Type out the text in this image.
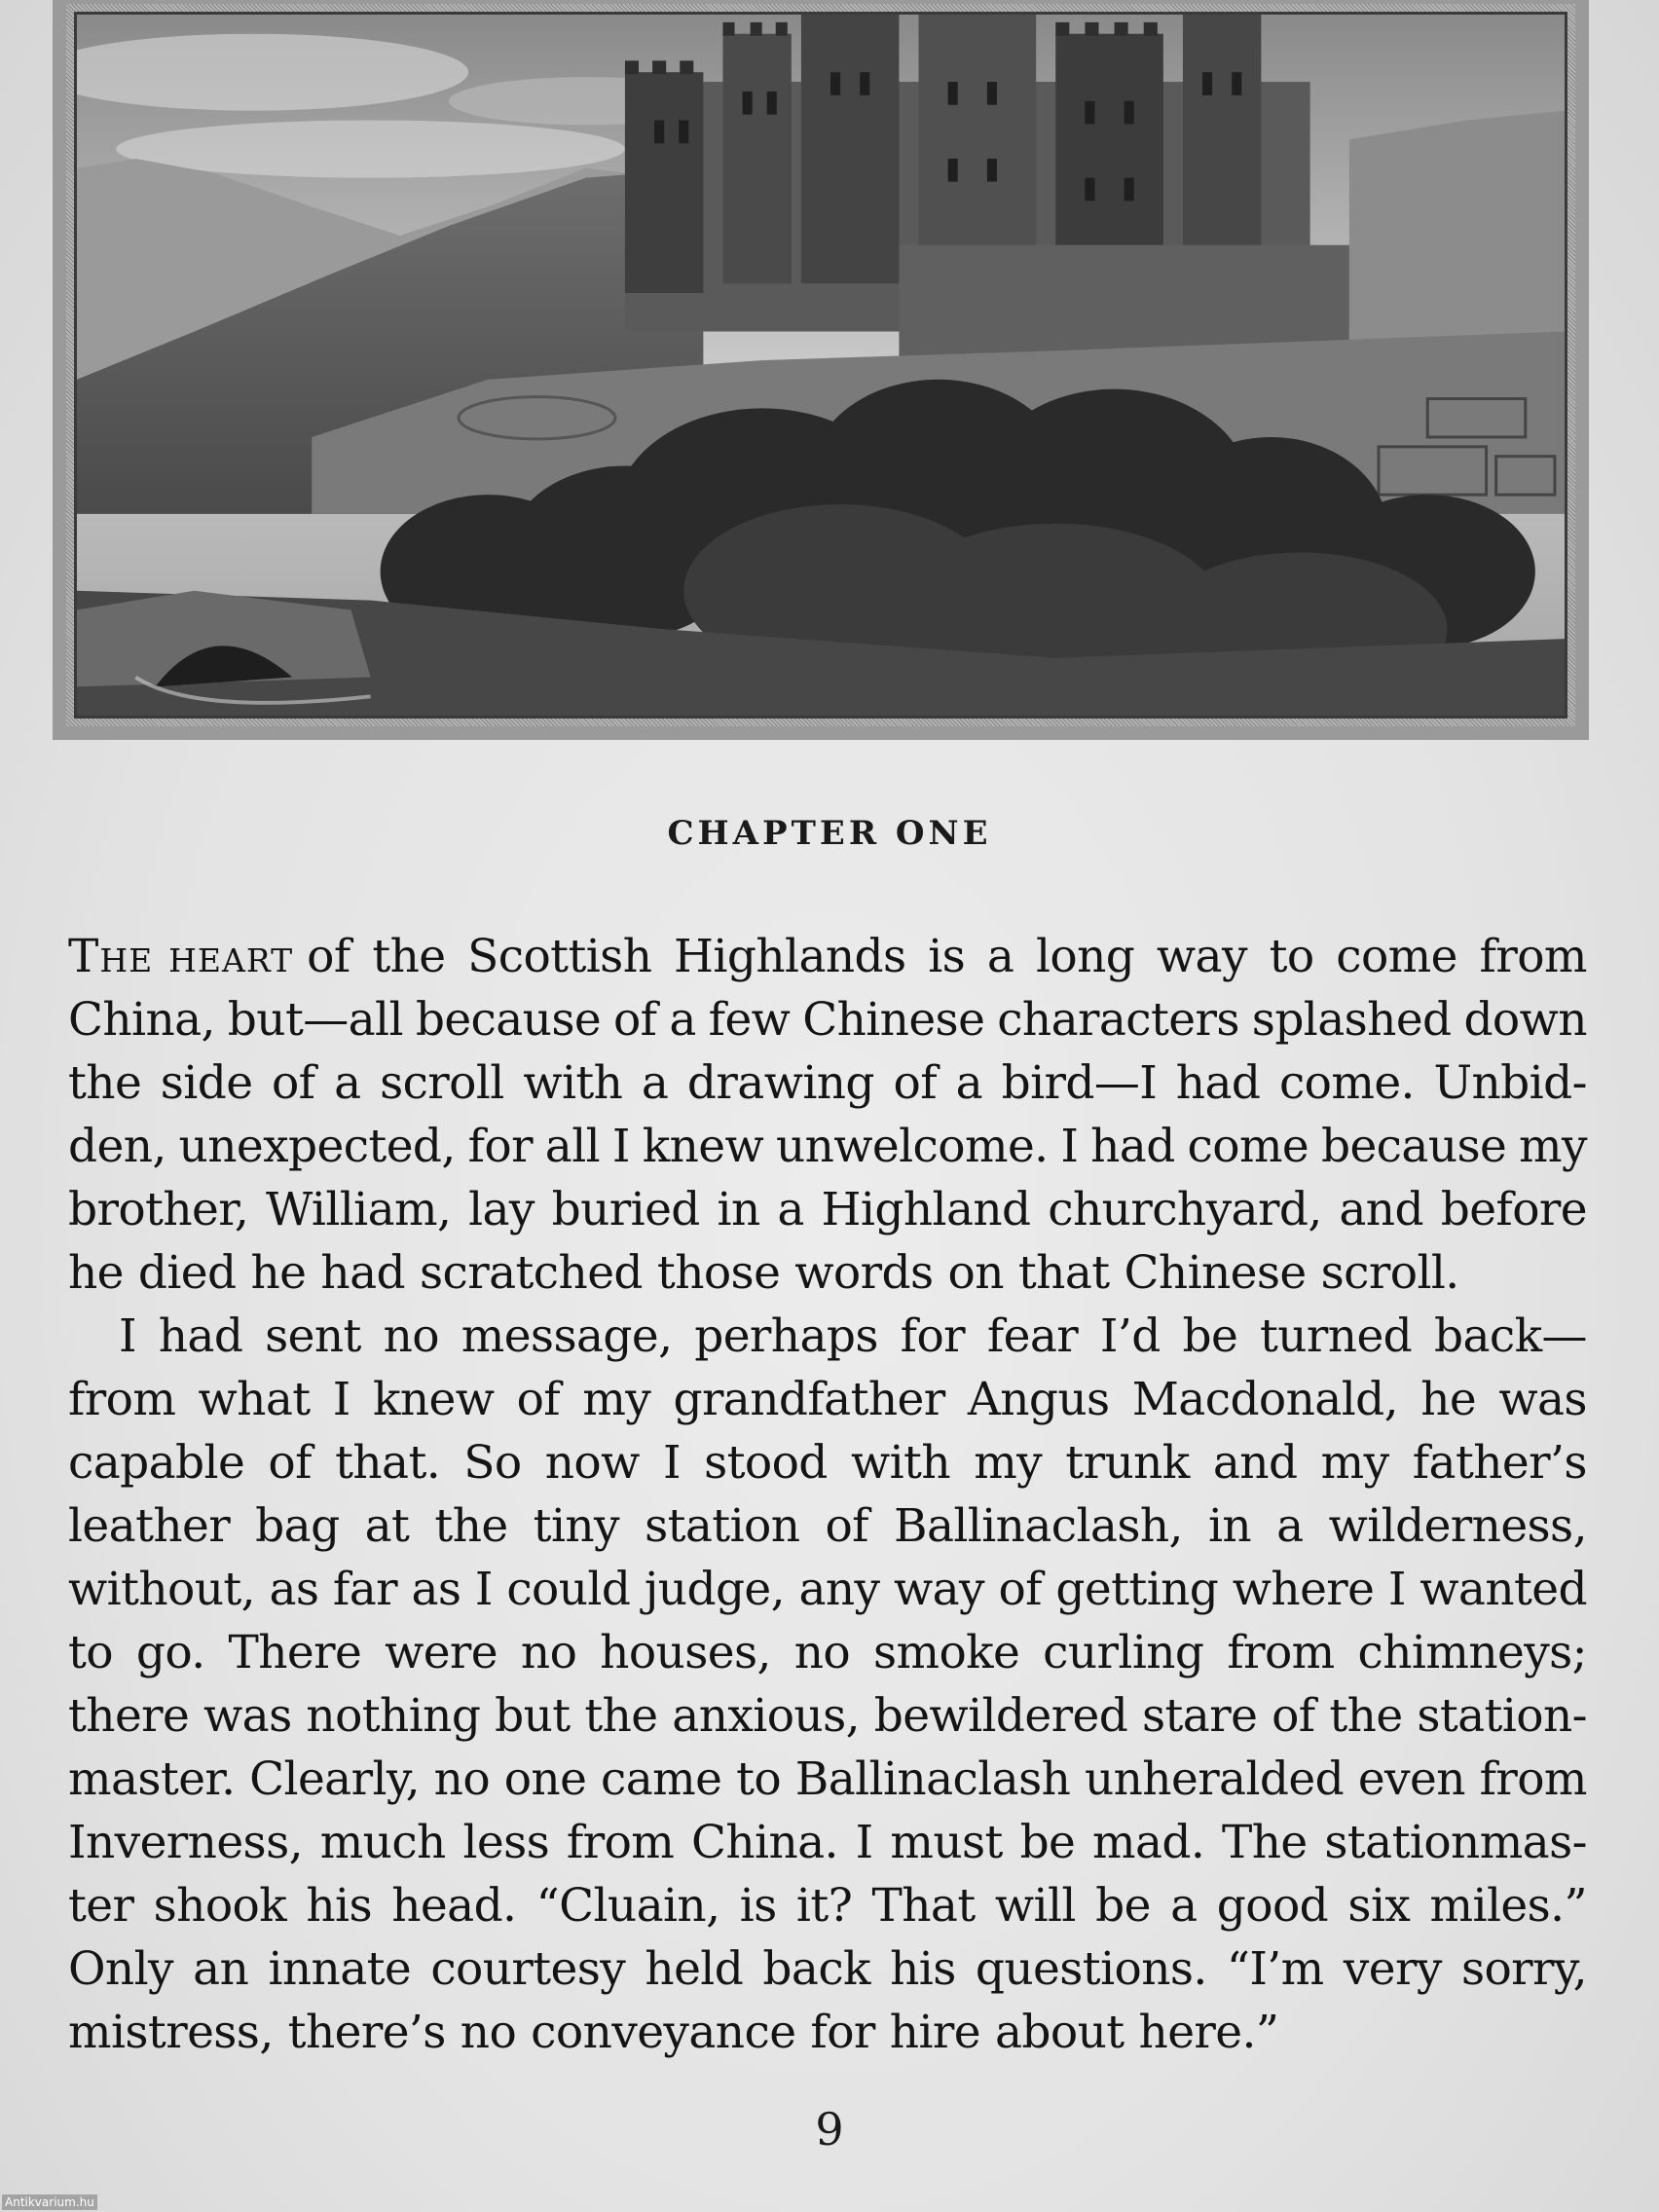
CHAPTER ONE
The heart of the Scottish Highlands is a long way to come from
China, but—all because of a few Chinese characters splashed down
the side of a scroll with a drawing of a bird—I had come. Unbid-
den, unexpected, for all I knew unwelcome. I had come because my
brother, William, lay buried in a Highland churchyard, and before
he died he had scratched those words on that Chinese scroll.
I had sent no message, perhaps for fear I’d be turned back—
from what I knew of my grandfather Angus Macdonald, he was
capable of that. So now I stood with my trunk and my father’s
leather bag at the tiny station of Ballinaclash, in a wilderness,
without, as far as I could judge, any way of getting where I wanted
to go. There were no houses, no smoke curling from chimneys;
there was nothing but the anxious, bewildered stare of the station-
master. Clearly, no one came to Ballinaclash unheralded even from
Inverness, much less from China. I must be mad. The stationmas-
ter shook his head. “Cluain, is it? That will be a good six miles.”
Only an innate courtesy held back his questions. “I’m very sorry,
mistress, there’s no conveyance for hire about here.”
9
Antikvarium.hu
